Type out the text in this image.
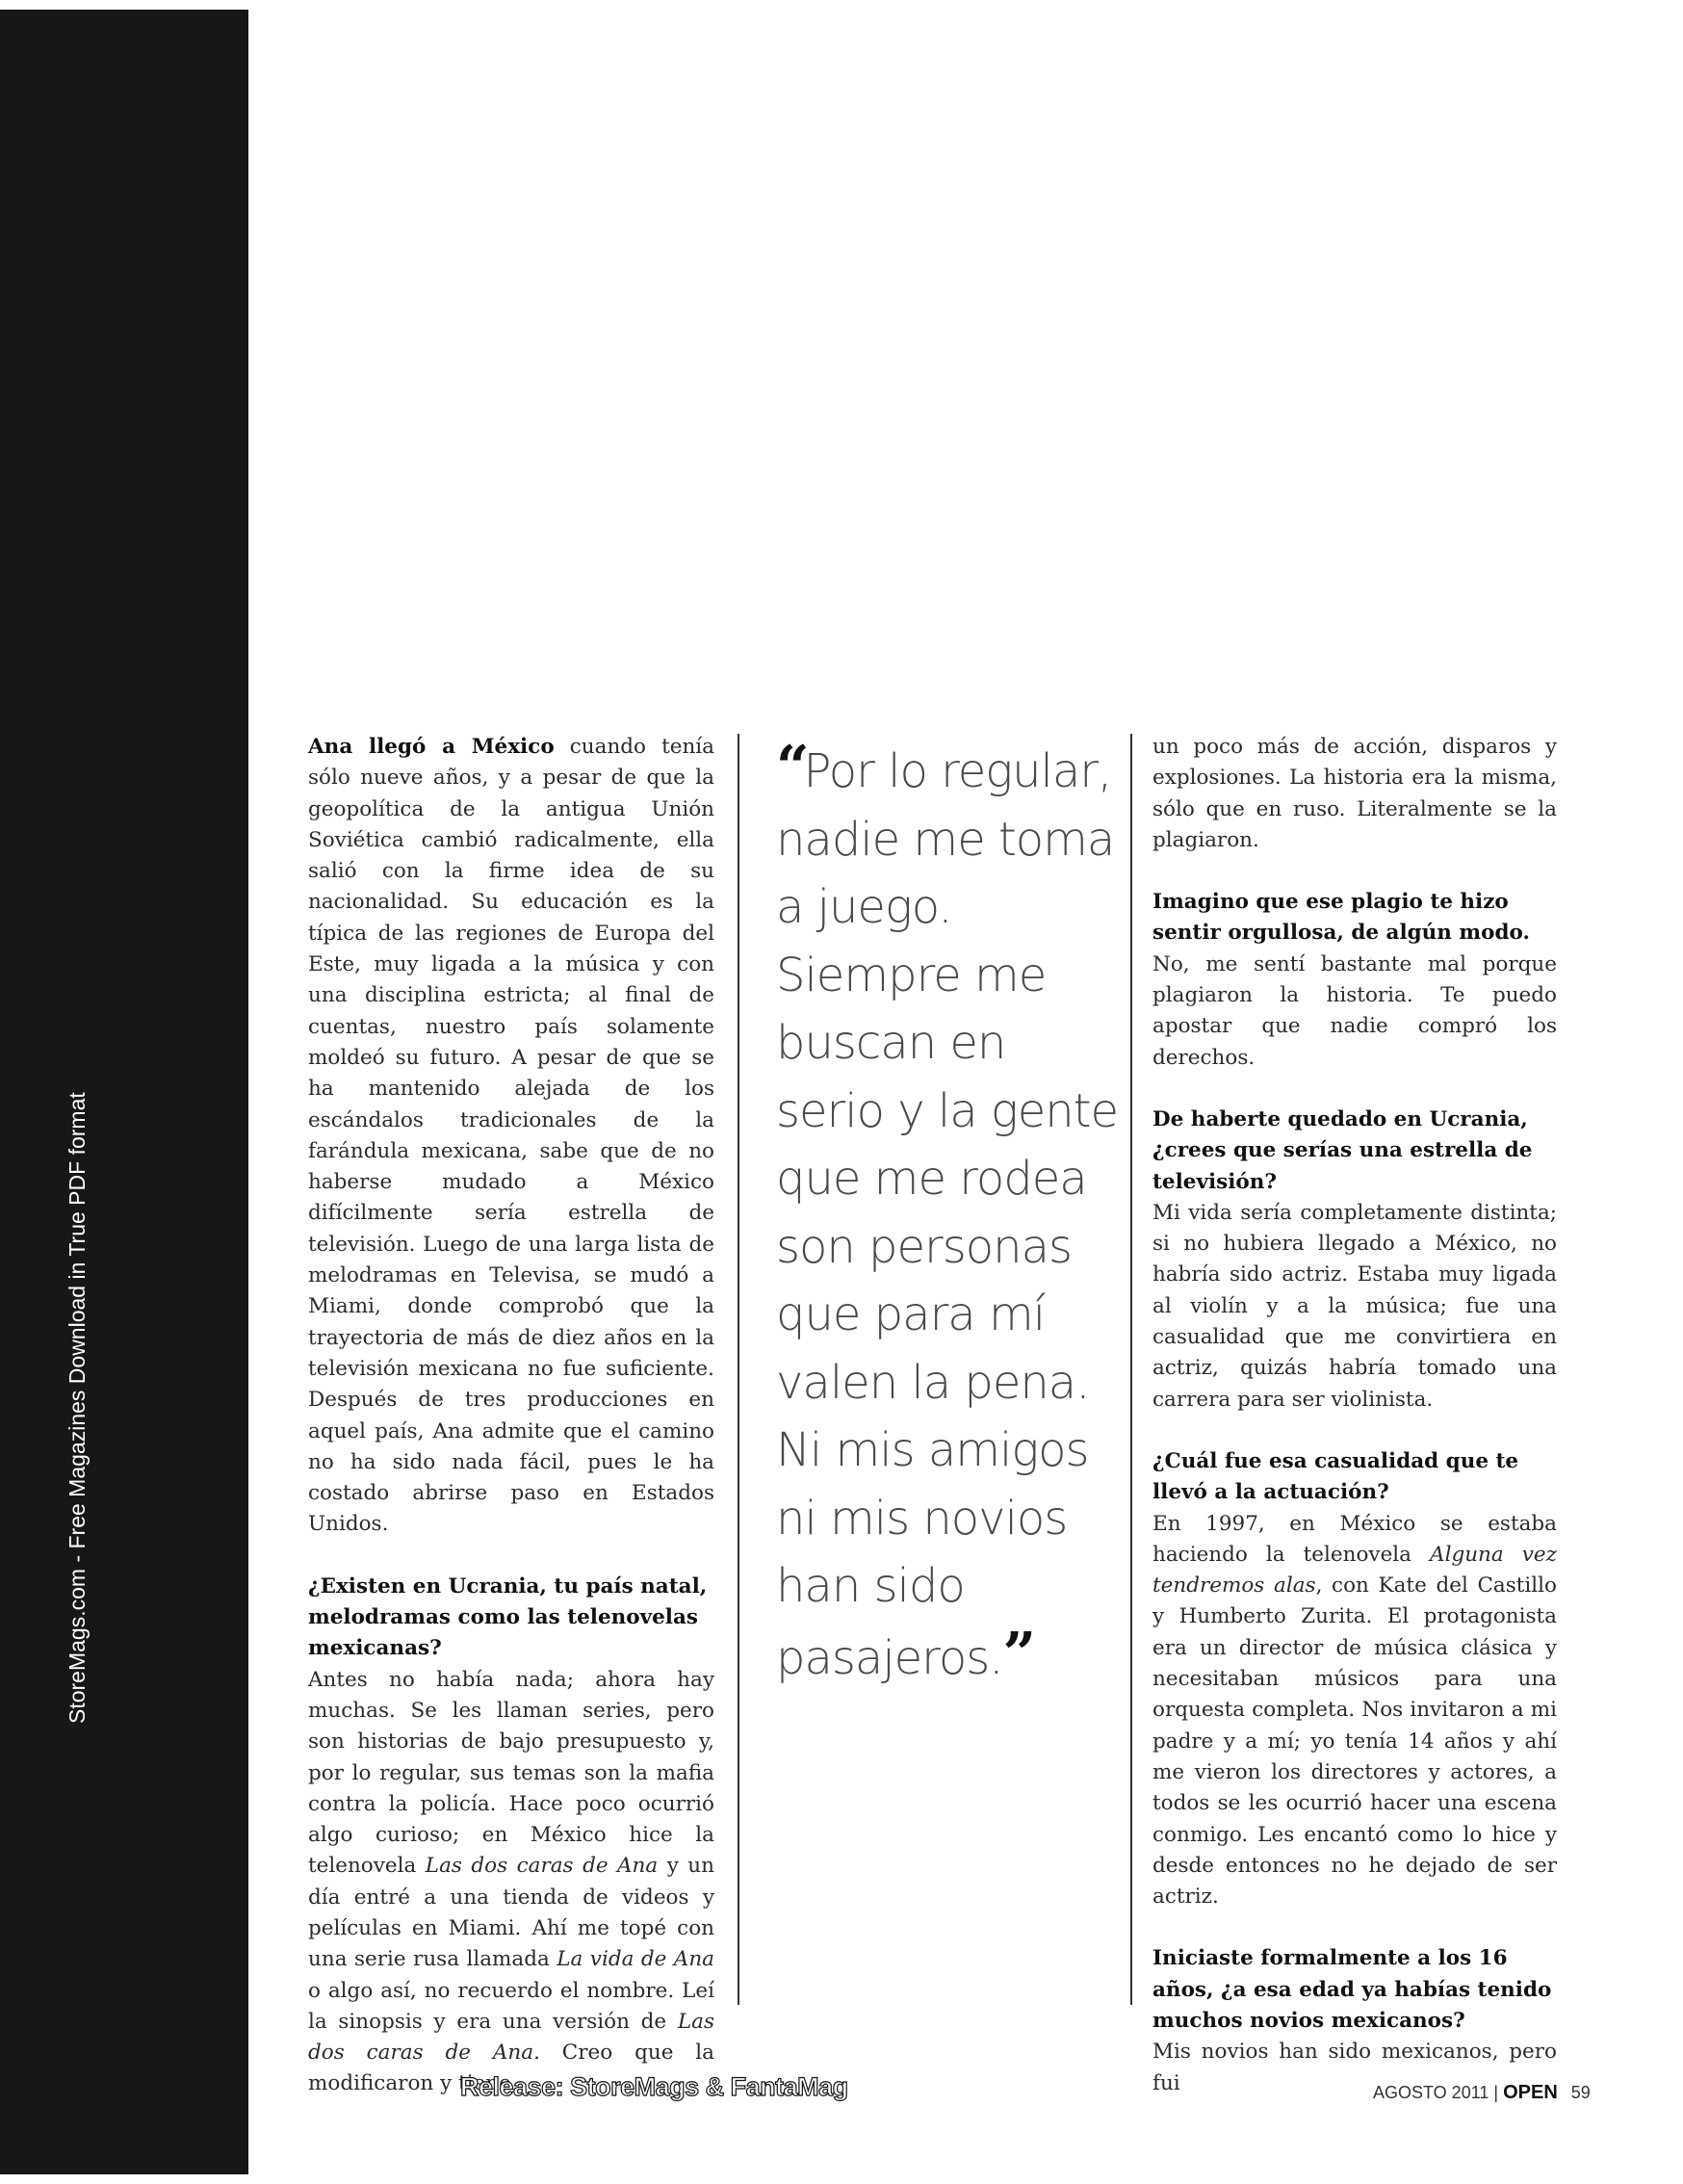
StoreMags.com - Free Magazines Download in True PDF format

Ana llegó a México cuando tenía sólo nueve años, y a pesar de que la geopolítica de la antigua Unión Soviética cambió radicalmente, ella salió con la firme idea de su nacionalidad. Su educación es la típica de las regiones de Europa del Este, muy ligada a la música y con una disciplina estricta; al final de cuentas, nuestro país solamente moldeó su futuro. A pesar de que se ha mantenido alejada de los escándalos tradicionales de la farándula mexicana, sabe que de no haberse mudado a México difícilmente sería estrella de televisión. Luego de una larga lista de melodramas en Televisa, se mudó a Miami, donde comprobó que la trayectoria de más de diez años en la televisión mexicana no fue suficiente. Después de tres producciones en aquel país, Ana admite que el camino no ha sido nada fácil, pues le ha costado abrirse paso en Estados Unidos.

¿Existen en Ucrania, tu país natal, melodramas como las telenovelas mexicanas?

Antes no había nada; ahora hay muchas. Se les llaman series, pero son historias de bajo presupuesto y, por lo regular, sus temas son la mafia contra la policía. Hace poco ocurrió algo curioso; en México hice la telenovela Las dos caras de Ana y un día entré a una tienda de videos y películas en Miami. Ahí me topé con una serie rusa llamada La vida de Ana o algo así, no recuerdo el nombre. Leí la sinopsis y era una versión de Las dos caras de Ana. Creo que la modificaron y tiene

“Por lo regular, nadie me toma a juego. Siempre me buscan en serio y la gente que me rodea son personas que para mí valen la pena. Ni mis amigos ni mis novios han sido pasajeros.”

un poco más de acción, disparos y explosiones. La historia era la misma, sólo que en ruso. Literalmente se la plagiaron.

Imagino que ese plagio te hizo sentir orgullosa, de algún modo.

No, me sentí bastante mal porque plagiaron la historia. Te puedo apostar que nadie compró los derechos.

De haberte quedado en Ucrania, ¿crees que serías una estrella de televisión?

Mi vida sería completamente distinta; si no hubiera llegado a México, no habría sido actriz. Estaba muy ligada al violín y a la música; fue una casualidad que me convirtiera en actriz, quizás habría tomado una carrera para ser violinista.

¿Cuál fue esa casualidad que te llevó a la actuación?

En 1997, en México se estaba haciendo la telenovela Alguna vez tendremos alas, con Kate del Castillo y Humberto Zurita. El protagonista era un director de música clásica y necesitaban músicos para una orquesta completa. Nos invitaron a mi padre y a mí; yo tenía 14 años y ahí me vieron los directores y actores, a todos se les ocurrió hacer una escena conmigo. Les encantó como lo hice y desde entonces no he dejado de ser actriz.

Iniciaste formalmente a los 16 años, ¿a esa edad ya habías tenido muchos novios mexicanos?

Mis novios han sido mexicanos, pero fui

Release: StoreMags & FantaMag	AGOSTO 2011 | OPEN 59
